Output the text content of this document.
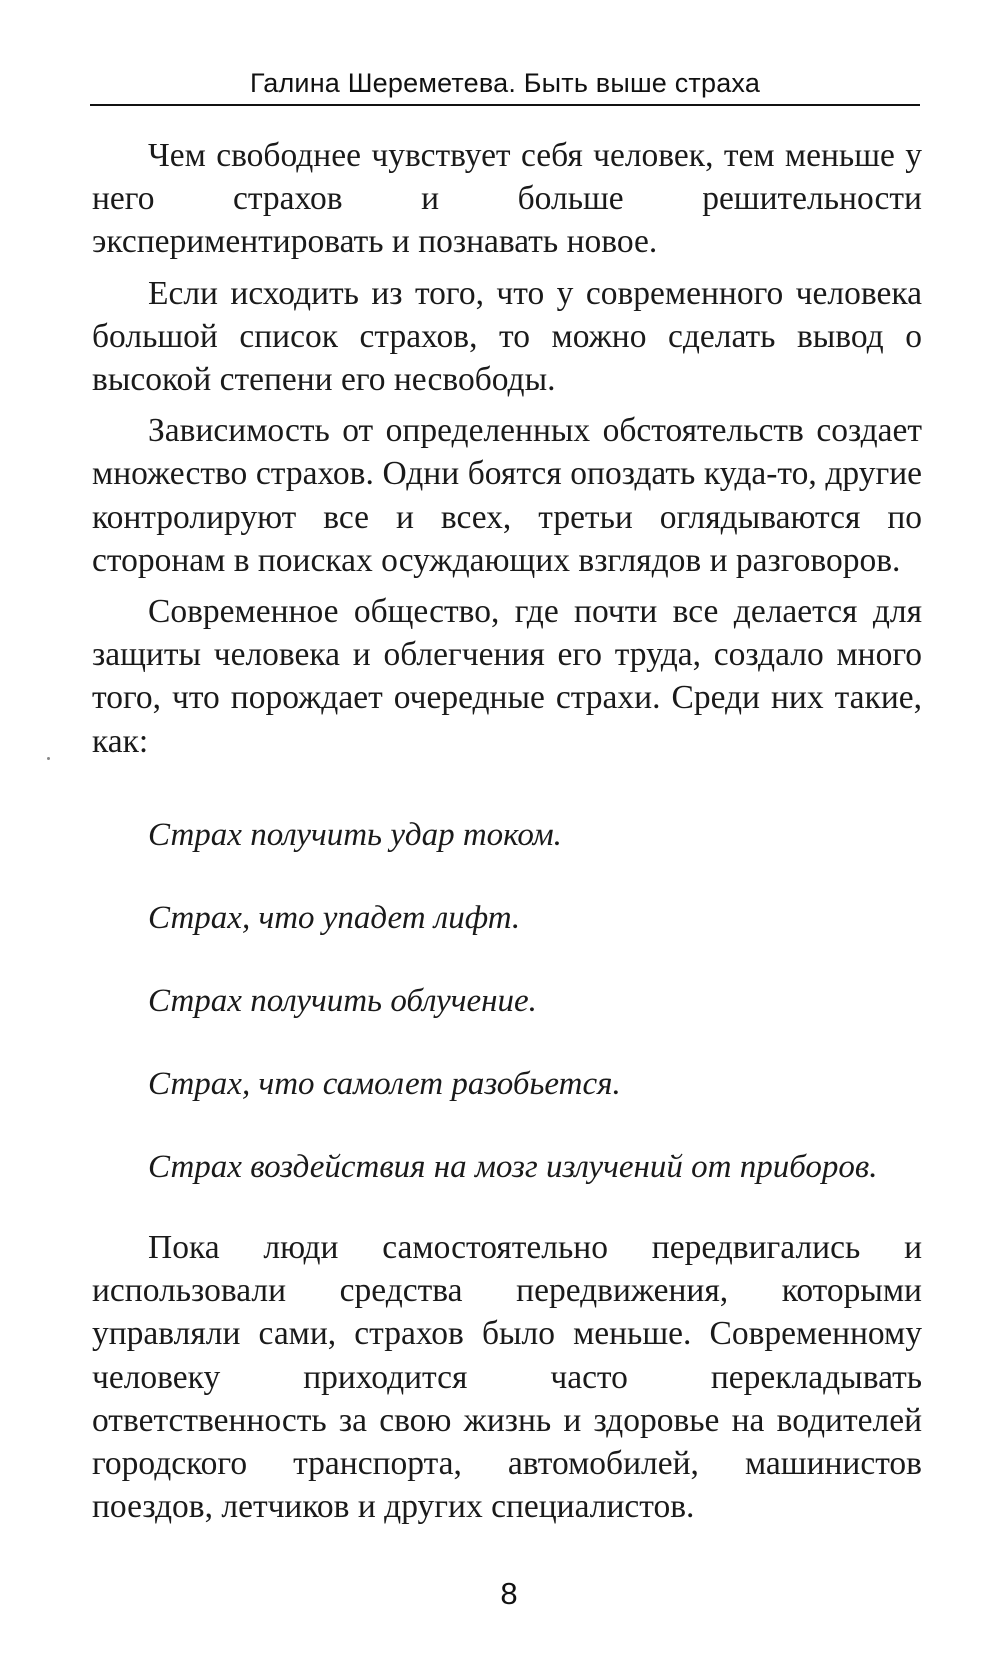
Галина Шереметева. Быть выше страха

Чем свободнее чувствует себя человек, тем меньше у него страхов и больше решительности экспериментировать и познавать новое.

Если исходить из того, что у современного человека большой список страхов, то можно сделать вывод о высокой степени его несвободы.

Зависимость от определенных обстоятельств создает множество страхов. Одни боятся опоздать куда-то, другие контролируют все и всех, третьи оглядываются по сторонам в поисках осуждающих взглядов и разговоров.

Современное общество, где почти все делается для защиты человека и облегчения его труда, создало много того, что порождает очередные страхи. Среди них такие, как:

Страх получить удар током.
Страх, что упадет лифт.
Страх получить облучение.
Страх, что самолет разобьется.
Страх воздействия на мозг излучений от приборов.

Пока люди самостоятельно передвигались и использовали средства передвижения, которыми управляли сами, страхов было меньше. Современному человеку приходится часто перекладывать ответственность за свою жизнь и здоровье на водителей городского транспорта, автомобилей, машинистов поездов, летчиков и других специалистов.

8
